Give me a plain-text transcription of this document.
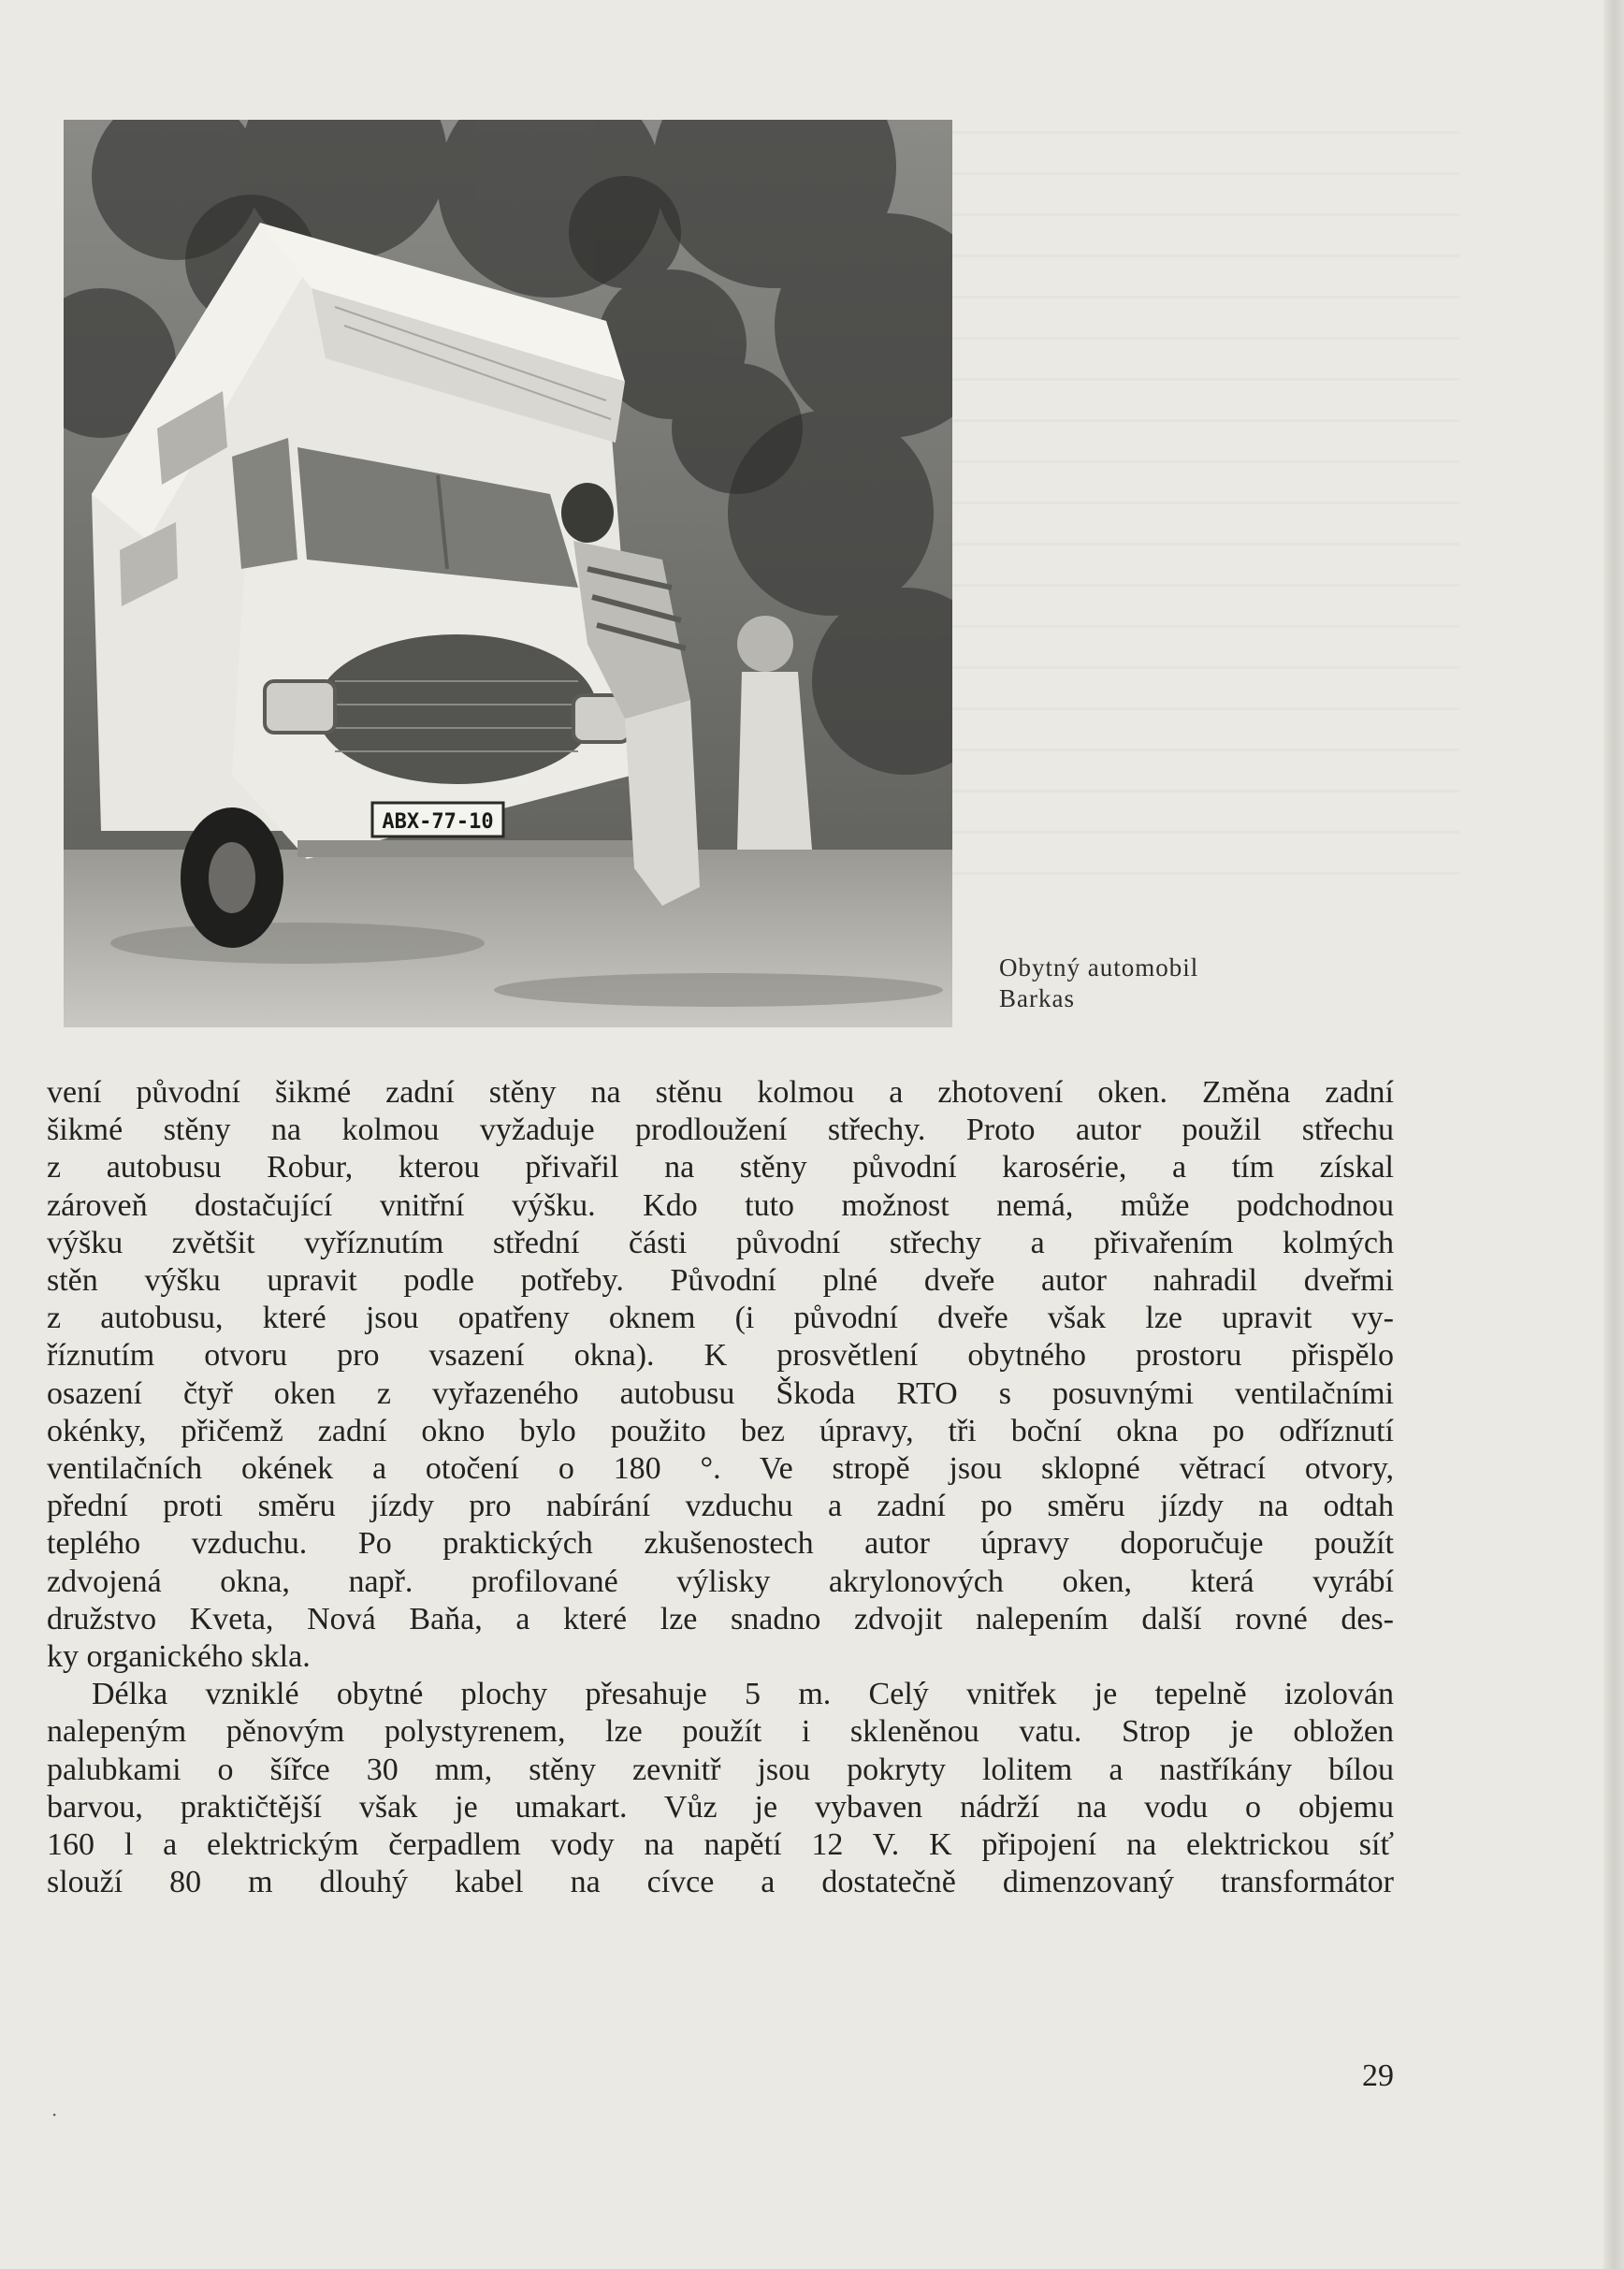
ABX-77-10

Obytný automobil
Barkas

vení původní šikmé zadní stěny na stěnu kolmou a zhotovení oken. Změna zadní
šikmé stěny na kolmou vyžaduje prodloužení střechy. Proto autor použil střechu
z autobusu Robur, kterou přivařil na stěny původní karosérie, a tím získal
zároveň dostačující vnitřní výšku. Kdo tuto možnost nemá, může podchodnou
výšku zvětšit vyříznutím střední části původní střechy a přivařením kolmých
stěn výšku upravit podle potřeby. Původní plné dveře autor nahradil dveřmi
z autobusu, které jsou opatřeny oknem (i původní dveře však lze upravit vy-
říznutím otvoru pro vsazení okna). K prosvětlení obytného prostoru přispělo
osazení čtyř oken z vyřazeného autobusu Škoda RTO s posuvnými ventilačními
okénky, přičemž zadní okno bylo použito bez úpravy, tři boční okna po odříznutí
ventilačních okének a otočení o 180 °. Ve stropě jsou sklopné větrací otvory,
přední proti směru jízdy pro nabírání vzduchu a zadní po směru jízdy na odtah
teplého vzduchu. Po praktických zkušenostech autor úpravy doporučuje použít
zdvojená okna, např. profilované výlisky akrylonových oken, která vyrábí
družstvo Kveta, Nová Baňa, a které lze snadno zdvojit nalepením další rovné des-
ky organického skla.
Délka vzniklé obytné plochy přesahuje 5 m. Celý vnitřek je tepelně izolován
nalepeným pěnovým polystyrenem, lze použít i skleněnou vatu. Strop je obložen
palubkami o šířce 30 mm, stěny zevnitř jsou pokryty lolitem a nastříkány bílou
barvou, praktičtější však je umakart. Vůz je vybaven nádrží na vodu o objemu
160 l a elektrickým čerpadlem vody na napětí 12 V. K připojení na elektrickou síť
slouží 80 m dlouhý kabel na cívce a dostatečně dimenzovaný transformátor
29
·
